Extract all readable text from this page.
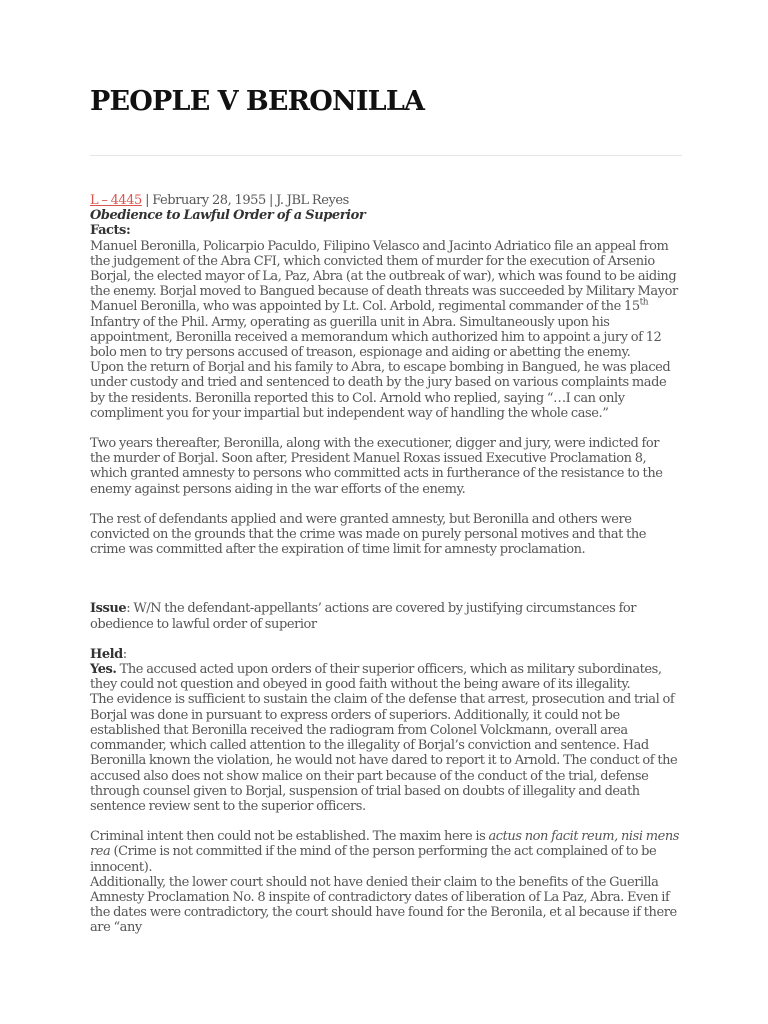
PEOPLE V BERONILLA

L – 4445 | February 28, 1955 | J. JBL Reyes

Obedience to Lawful Order of a Superior

Facts:

Manuel Beronilla, Policarpio Paculdo, Filipino Velasco and Jacinto Adriatico file an appeal from the judgement of the Abra CFI, which convicted them of murder for the execution of Arsenio Borjal, the elected mayor of La, Paz, Abra (at the outbreak of war), which was found to be aiding the enemy. Borjal moved to Bangued because of death threats was succeeded by Military Mayor Manuel Beronilla, who was appointed by Lt. Col. Arbold, regimental commander of the 15th Infantry of the Phil. Army, operating as guerilla unit in Abra. Simultaneously upon his appointment, Beronilla received a memorandum which authorized him to appoint a jury of 12 bolo men to try persons accused of treason, espionage and aiding or abetting the enemy.

Upon the return of Borjal and his family to Abra, to escape bombing in Bangued, he was placed under custody and tried and sentenced to death by the jury based on various complaints made by the residents. Beronilla reported this to Col. Arnold who replied, saying “…I can only compliment you for your impartial but independent way of handling the whole case.”

Two years thereafter, Beronilla, along with the executioner, digger and jury, were indicted for the murder of Borjal. Soon after, President Manuel Roxas issued Executive Proclamation 8, which granted amnesty to persons who committed acts in furtherance of the resistance to the enemy against persons aiding in the war efforts of the enemy.

The rest of defendants applied and were granted amnesty, but Beronilla and others were convicted on the grounds that the crime was made on purely personal motives and that the crime was committed after the expiration of time limit for amnesty proclamation.

Issue: W/N the defendant-appellants’ actions are covered by justifying circumstances for obedience to lawful order of superior

Held:

Yes. The accused acted upon orders of their superior officers, which as military subordinates, they could not question and obeyed in good faith without the being aware of its illegality.

The evidence is sufficient to sustain the claim of the defense that arrest, prosecution and trial of Borjal was done in pursuant to express orders of superiors. Additionally, it could not be established that Beronilla received the radiogram from Colonel Volckmann, overall area commander, which called attention to the illegality of Borjal’s conviction and sentence. Had Beronilla known the violation, he would not have dared to report it to Arnold. The conduct of the accused also does not show malice on their part because of the conduct of the trial, defense through counsel given to Borjal, suspension of trial based on doubts of illegality and death sentence review sent to the superior officers.

Criminal intent then could not be established. The maxim here is actus non facit reum, nisi mens rea (Crime is not committed if the mind of the person performing the act complained of to be innocent).

Additionally, the lower court should not have denied their claim to the benefits of the Guerilla Amnesty Proclamation No. 8 inspite of contradictory dates of liberation of La Paz, Abra. Even if the dates were contradictory, the court should have found for the Beronila, et al because if there are “any
